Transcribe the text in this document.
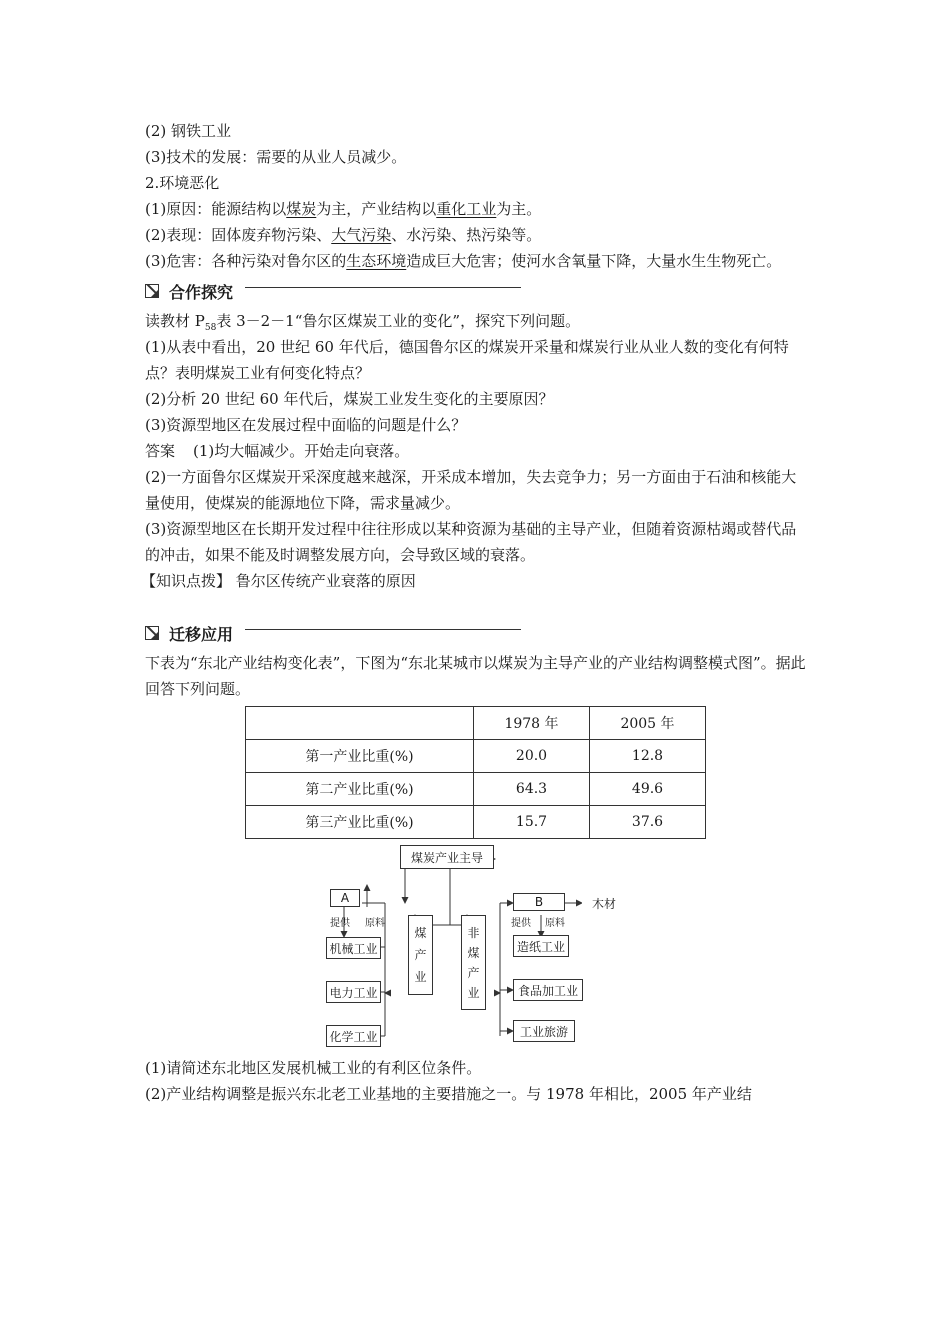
(2) 钢铁工业
(3)技术的发展：需要的从业人员减少。
2.环境恶化
(1)原因：能源结构以煤炭为主，产业结构以重化工业为主。
(2)表现：固体废弃物污染、大气污染、水污染、热污染等。
(3)危害：各种污染对鲁尔区的生态环境造成巨大危害；使河水含氧量下降，大量水生生物死亡。
合作探究
读教材 $P_{58}$表 3－2－1“鲁尔区煤炭工业的变化”，探究下列问题。
(1)从表中看出，20 世纪 60 年代后，德国鲁尔区的煤炭开采量和煤炭行业从业人数的变化有何特点？表明煤炭工业有何变化特点？
(2)分析 20 世纪 60 年代后，煤炭工业发生变化的主要原因？
(3)资源型地区在发展过程中面临的问题是什么？
答案 (1)均大幅减少。开始走向衰落。
(2)一方面鲁尔区煤炭开采深度越来越深，开采成本增加，失去竞争力；另一方面由于石油和核能大量使用，使煤炭的能源地位下降，需求量减少。
(3)资源型地区在长期开发过程中往往形成以某种资源为基础的主导产业，但随着资源枯竭或替代品的冲击，如果不能及时调整发展方向，会导致区域的衰落。
【知识点拨】 鲁尔区传统产业衰落的原因
迁移应用
下表为“东北产业结构变化表”，下图为“东北某城市以煤炭为主导产业的产业结构调整模式图”。据此回答下列问题。
	1978 年	2005 年
第一产业比重(%)	20.0	12.8
第二产业比重(%)	64.3	49.6
第三产业比重(%)	15.7	37.6
煤炭产业主导
A
提供 原料
机械工业
电力工业
化学工业
煤
产
业
非
煤
产
业
B	木材
提供 原料
造纸工业
食品加工业
工业旅游
(1)请简述东北地区发展机械工业的有利区位条件。
(2)产业结构调整是振兴东北老工业基地的主要措施之一。与 1978 年相比，2005 年产业结
